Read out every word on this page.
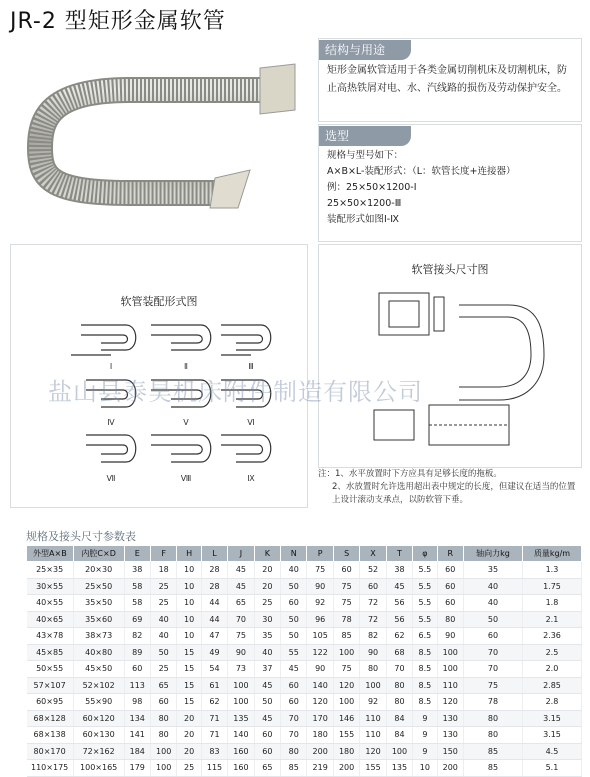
JR-2 型矩形金属软管
结构与用途
矩形金属软管适用于各类金属切削机床及切割机床，防止高热铁屑对电、水、汽线路的损伤及劳动保护安全。
选型
规格与型号如下：
A×B×L-装配形式：（L：软管长度+连接器）
例：25×50×1200-Ⅰ
25×50×1200-Ⅲ
装配形式如图Ⅰ-Ⅸ
软管装配形式图
Ⅰ	Ⅱ	Ⅲ
Ⅳ	Ⅴ	Ⅵ
Ⅶ	Ⅷ	Ⅸ
软管接头尺寸图
注：1、水平放置时下方应具有足够长度的拖板。
2、水放置时允许选用超出表中规定的长度，但建议在适当的位置上设计滚动支承点，以防软管下垂。
盐山县泰昊机床附件制造有限公司
规格及接头尺寸参数表
外型A×B	内腔C×D	E	F	H	L	J	K	N	P	S	X	T	φ	R	轴向力kg	质量kg/m
25×35	20×30	38	18	10	28	45	20	40	75	60	52	38	5.5	60	35	1.3
30×55	25×50	58	25	10	28	45	20	50	90	75	60	45	5.5	60	40	1.75
40×55	35×50	58	25	10	44	65	25	60	92	75	72	56	5.5	60	40	1.8
40×65	35×60	69	40	10	44	70	30	50	96	78	72	56	5.5	80	50	2.1
43×78	38×73	82	40	10	47	75	35	50	105	85	82	62	6.5	90	60	2.36
45×85	40×80	89	50	15	49	90	40	55	122	100	90	68	8.5	100	70	2.5
50×55	45×50	60	25	15	54	73	37	45	90	75	80	70	8.5	100	70	2.0
57×107	52×102	113	65	15	61	100	45	60	140	120	100	80	8.5	110	75	2.85
60×95	55×90	98	60	15	62	100	50	60	120	100	92	80	8.5	120	78	2.8
68×128	60×120	134	80	20	71	135	45	70	170	146	110	84	9	130	80	3.15
68×138	60×130	141	80	20	71	140	60	70	180	155	110	84	9	130	80	3.15
80×170	72×162	184	100	20	83	160	60	80	200	180	120	100	9	150	85	4.5
110×175	100×165	179	100	25	115	160	65	85	219	200	155	135	10	200	85	5.1
